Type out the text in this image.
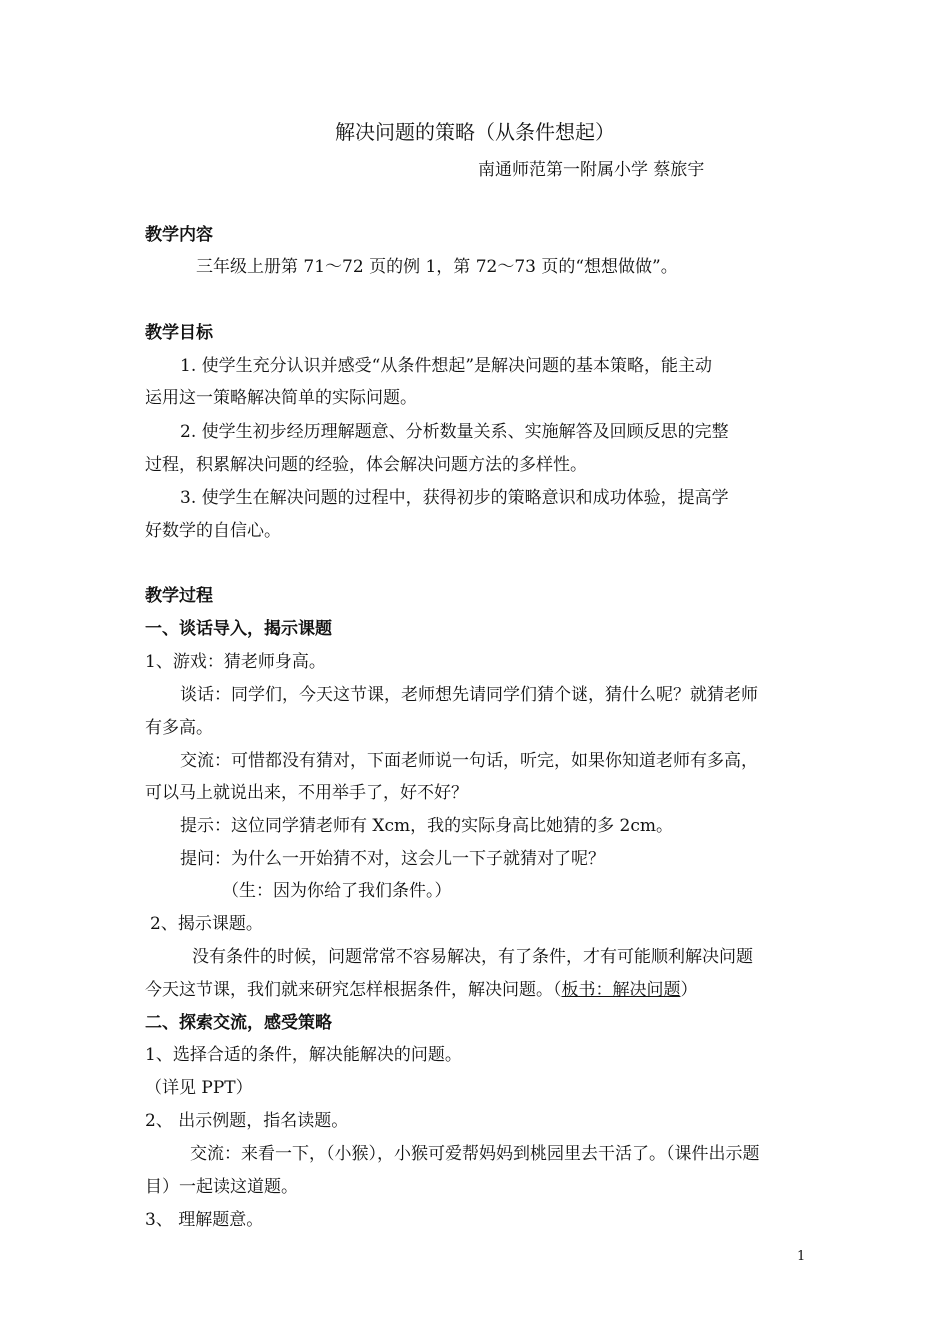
解决问题的策略（从条件想起）
南通师范第一附属小学 蔡旅宇
教学内容
三年级上册第 71～72 页的例 1，第 72～73 页的“想想做做”。
教学目标
1. 使学生充分认识并感受“从条件想起”是解决问题的基本策略，能主动
运用这一策略解决简单的实际问题。
2. 使学生初步经历理解题意、分析数量关系、实施解答及回顾反思的完整
过程，积累解决问题的经验，体会解决问题方法的多样性。
3. 使学生在解决问题的过程中，获得初步的策略意识和成功体验，提高学
好数学的自信心。
教学过程
一、谈话导入，揭示课题
1、游戏：猜老师身高。
谈话：同学们，今天这节课，老师想先请同学们猜个谜，猜什么呢？就猜老师
有多高。
交流：可惜都没有猜对，下面老师说一句话，听完，如果你知道老师有多高，
可以马上就说出来，不用举手了，好不好？
提示：这位同学猜老师有 Xcm，我的实际身高比她猜的多 2cm。
提问：为什么一开始猜不对，这会儿一下子就猜对了呢？
（生：因为你给了我们条件。）
2、揭示课题。
没有条件的时候，问题常常不容易解决，有了条件，才有可能顺利解决问题
今天这节课，我们就来研究怎样根据条件，解决问题。（板书：解决问题）
二、探索交流，感受策略
1、选择合适的条件，解决能解决的问题。
（详见 PPT）
2、 出示例题，指名读题。
交流：来看一下，（小猴），小猴可爱帮妈妈到桃园里去干活了。（课件出示题
目）一起读这道题。
3、 理解题意。
1
